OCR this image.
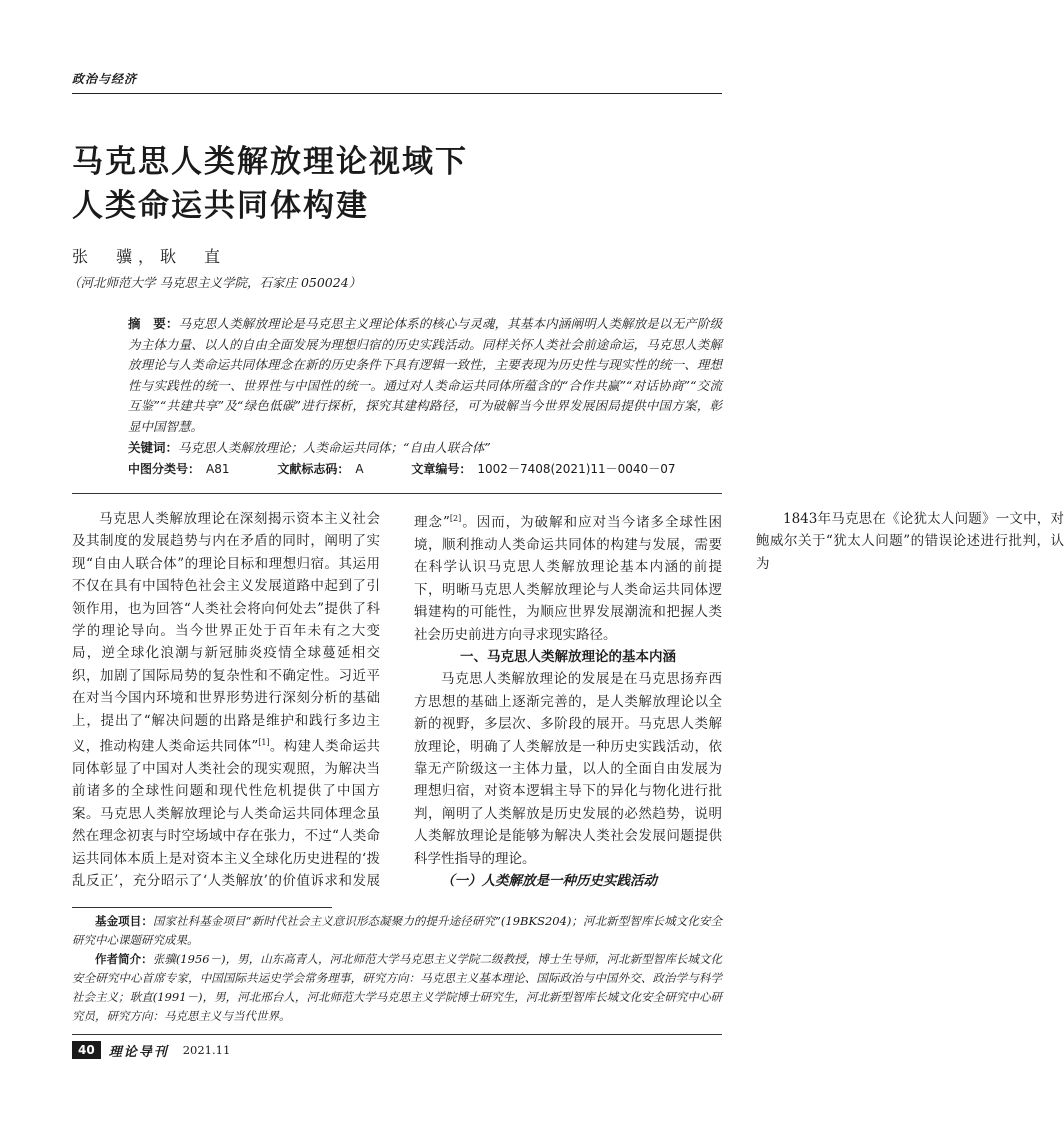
政治与经济
马克思人类解放理论视域下
人类命运共同体构建
张　骥，耿　直
（河北师范大学 马克思主义学院，石家庄 050024）
摘　要：马克思人类解放理论是马克思主义理论体系的核心与灵魂，其基本内涵阐明人类解放是以无产阶级为主体力量、以人的自由全面发展为理想归宿的历史实践活动。同样关怀人类社会前途命运，马克思人类解放理论与人类命运共同体理念在新的历史条件下具有逻辑一致性，主要表现为历史性与现实性的统一、理想性与实践性的统一、世界性与中国性的统一。通过对人类命运共同体所蕴含的“合作共赢”“对话协商”“交流互鉴”“共建共享”及“绿色低碳”进行探析，探究其建构路径，可为破解当今世界发展困局提供中国方案，彰显中国智慧。
关键词：马克思人类解放理论；人类命运共同体；“自由人联合体”
中图分类号： A81	文献标志码： A	文章编号： 1002－7408(2021)11－0040－07

马克思人类解放理论在深刻揭示资本主义社会及其制度的发展趋势与内在矛盾的同时，阐明了实现“自由人联合体”的理论目标和理想归宿。其运用不仅在具有中国特色社会主义发展道路中起到了引领作用，也为回答“人类社会将向何处去”提供了科学的理论导向。当今世界正处于百年未有之大变局，逆全球化浪潮与新冠肺炎疫情全球蔓延相交织，加剧了国际局势的复杂性和不确定性。习近平在对当今国内环境和世界形势进行深刻分析的基础上，提出了“解决问题的出路是维护和践行多边主义，推动构建人类命运共同体”[1]。构建人类命运共同体彰显了中国对人类社会的现实观照，为解决当前诸多的全球性问题和现代性危机提供了中国方案。马克思人类解放理论与人类命运共同体理念虽然在理念初衷与时空场域中存在张力，不过“人类命运共同体本质上是对资本主义全球化历史进程的‘拨乱反正’，充分昭示了‘人类解放’的价值诉求和发展理念”[2]。因而，为破解和应对当今诸多全球性困境，顺利推动人类命运共同体的构建与发展，需要在科学认识马克思人类解放理论基本内涵的前提下，明晰马克思人类解放理论与人类命运共同体逻辑建构的可能性，为顺应世界发展潮流和把握人类社会历史前进方向寻求现实路径。

一、马克思人类解放理论的基本内涵

马克思人类解放理论的发展是在马克思扬弃西方思想的基础上逐渐完善的，是人类解放理论以全新的视野，多层次、多阶段的展开。马克思人类解放理论，明确了人类解放是一种历史实践活动，依靠无产阶级这一主体力量，以人的全面自由发展为理想归宿，对资本逻辑主导下的异化与物化进行批判，阐明了人类解放是历史发展的必然趋势，说明人类解放理论是能够为解决人类社会发展问题提供科学性指导的理论。

（一）人类解放是一种历史实践活动

1843年马克思在《论犹太人问题》一文中，对鲍威尔关于“犹太人问题”的错误论述进行批判，认为

基金项目：国家社科基金项目“新时代社会主义意识形态凝聚力的提升途径研究”(19BKS204)；河北新型智库长城文化安全研究中心课题研究成果。

作者简介：张骥(1956－)，男，山东高青人，河北师范大学马克思主义学院二级教授，博士生导师，河北新型智库长城文化安全研究中心首席专家，中国国际共运史学会常务理事，研究方向：马克思主义基本理论、国际政治与中国外交、政治学与科学社会主义；耿直(1991－)，男，河北邢台人，河北师范大学马克思主义学院博士研究生，河北新型智库长城文化安全研究中心研究员，研究方向：马克思主义与当代世界。

40	理论导刊 2021.11
